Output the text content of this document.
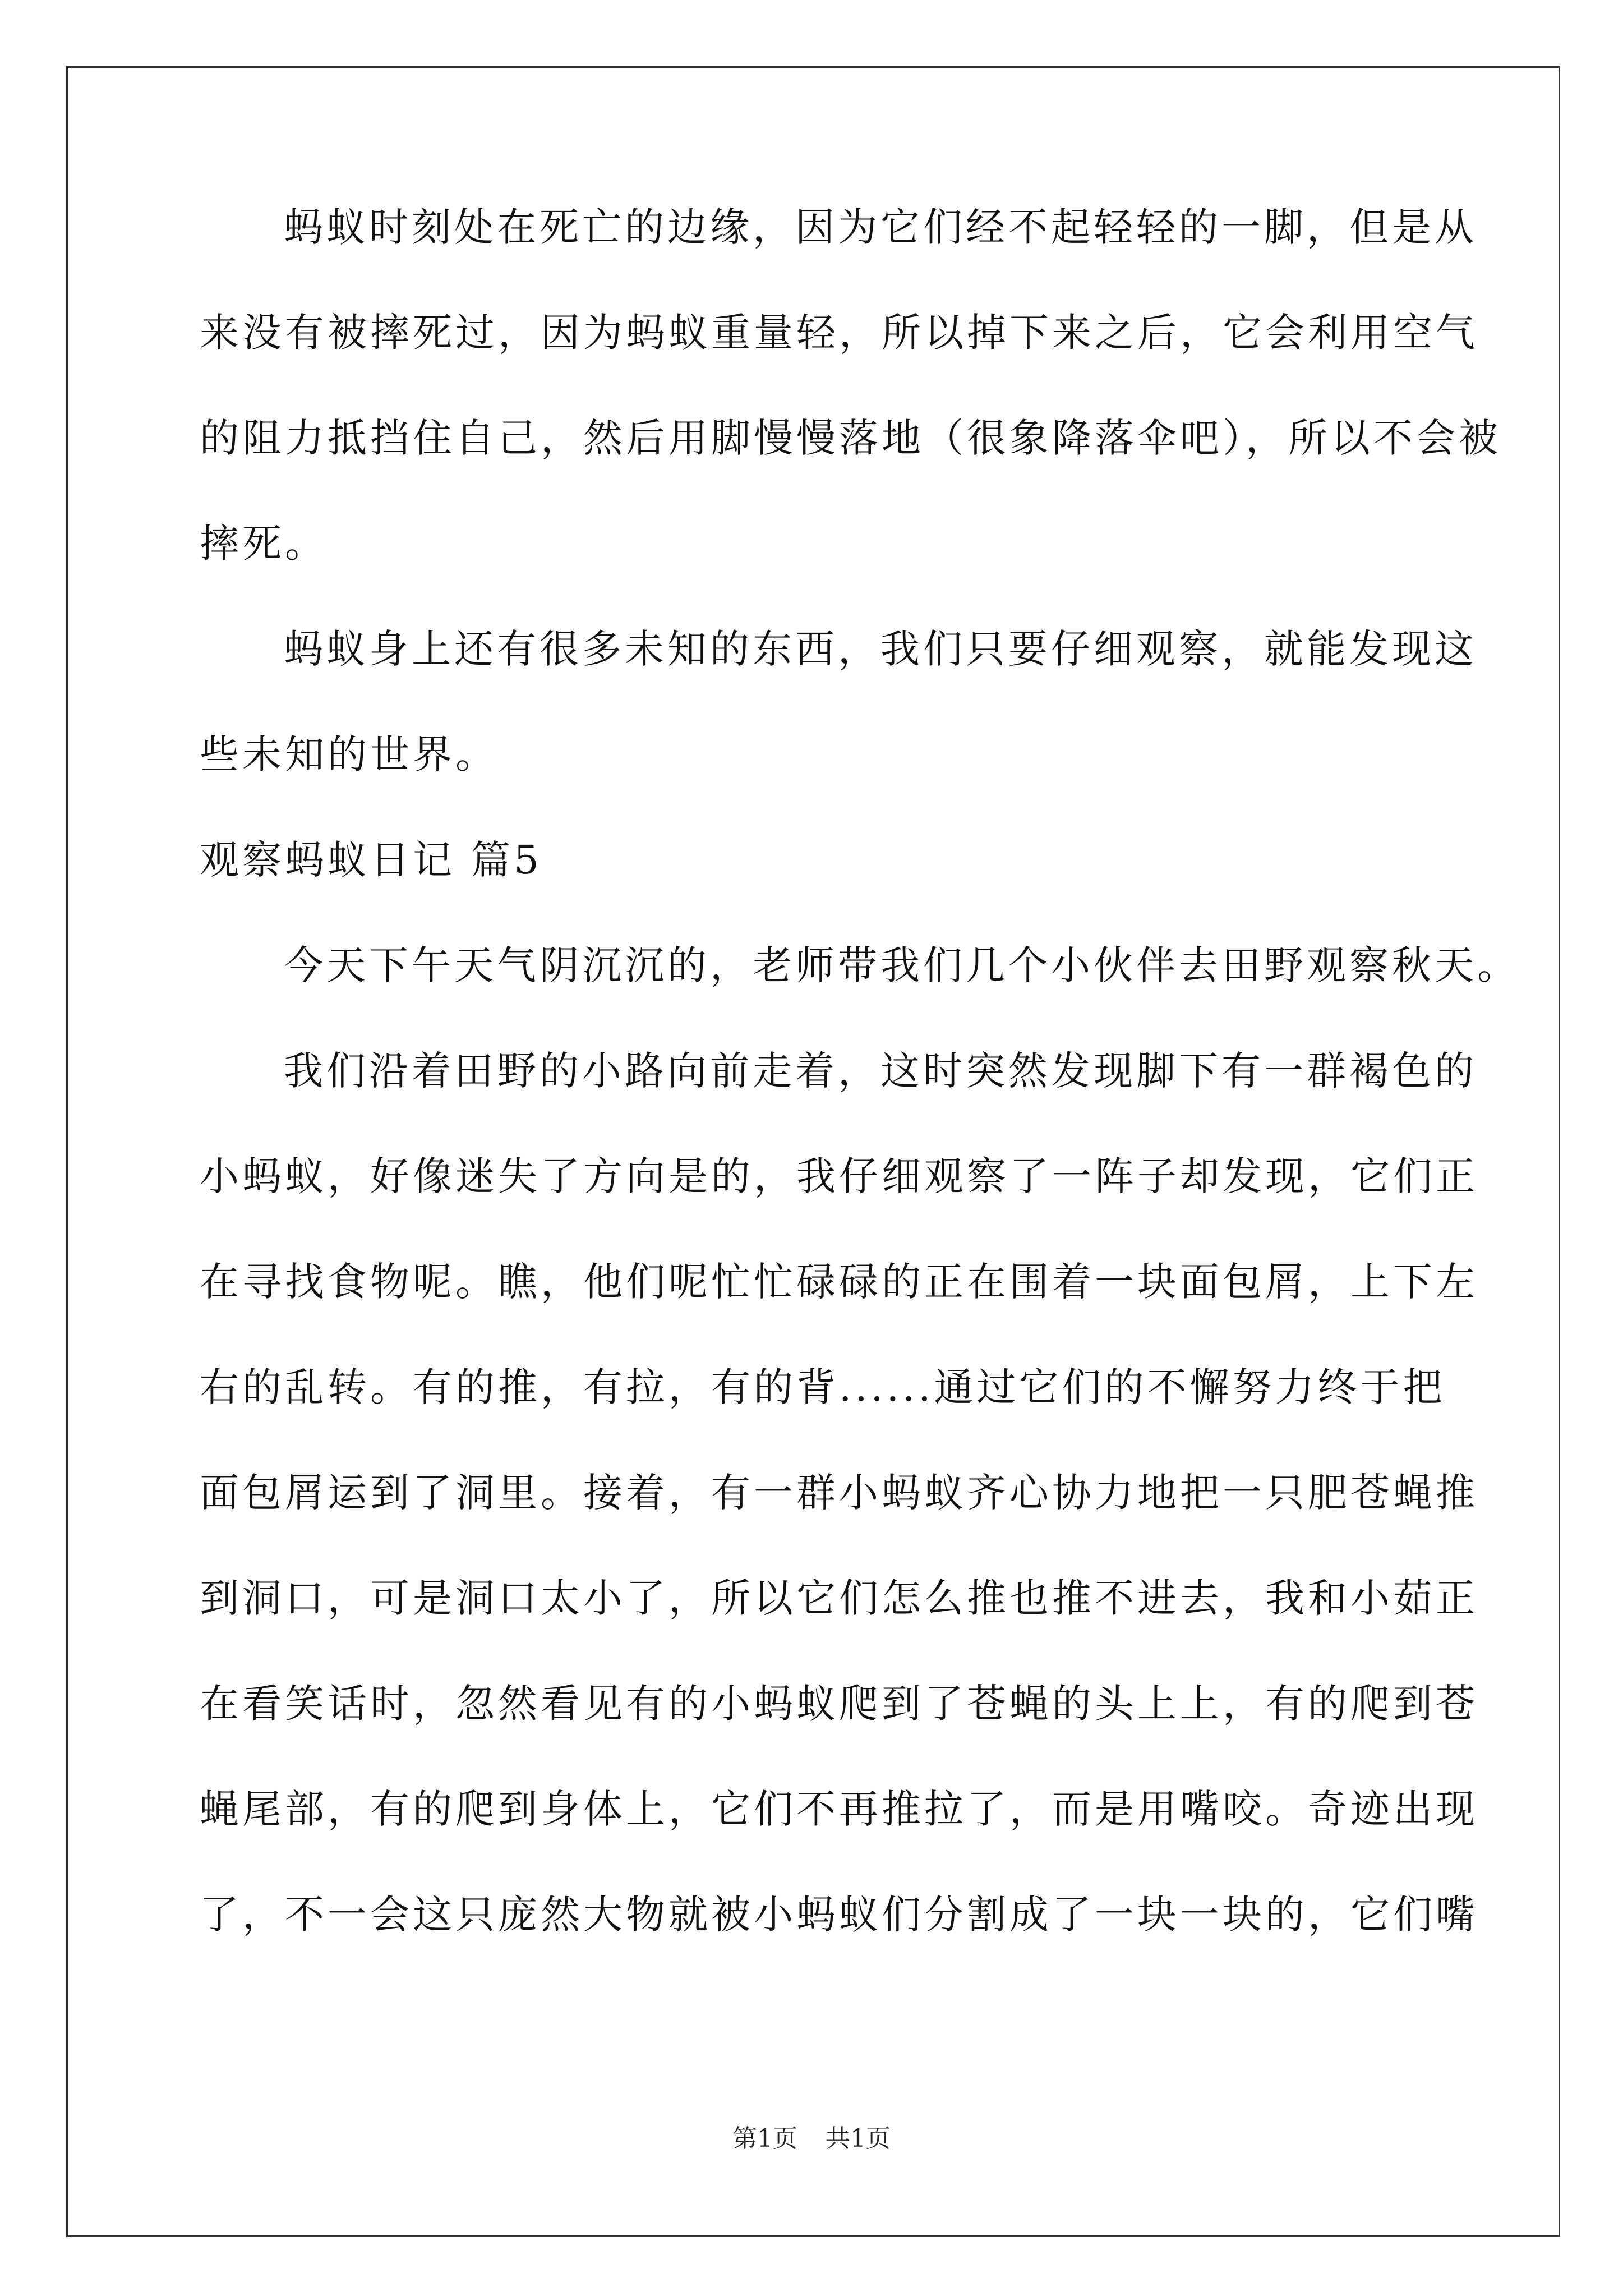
蚂蚁时刻处在死亡的边缘，因为它们经不起轻轻的一脚，但是从
来没有被摔死过，因为蚂蚁重量轻，所以掉下来之后，它会利用空气
的阻力抵挡住自己，然后用脚慢慢落地（很象降落伞吧），所以不会被
摔死。
蚂蚁身上还有很多未知的东西，我们只要仔细观察，就能发现这
些未知的世界。
观察蚂蚁日记 篇5
今天下午天气阴沉沉的，老师带我们几个小伙伴去田野观察秋天。
我们沿着田野的小路向前走着，这时突然发现脚下有一群褐色的
小蚂蚁，好像迷失了方向是的，我仔细观察了一阵子却发现，它们正
在寻找食物呢。瞧，他们呢忙忙碌碌的正在围着一块面包屑，上下左
右的乱转。有的推，有拉，有的背......通过它们的不懈努力终于把
面包屑运到了洞里。接着，有一群小蚂蚁齐心协力地把一只肥苍蝇推
到洞口，可是洞口太小了，所以它们怎么推也推不进去，我和小茹正
在看笑话时，忽然看见有的小蚂蚁爬到了苍蝇的头上上，有的爬到苍
蝇尾部，有的爬到身体上，它们不再推拉了，而是用嘴咬。奇迹出现
了，不一会这只庞然大物就被小蚂蚁们分割成了一块一块的，它们嘴
第1页 共1页
